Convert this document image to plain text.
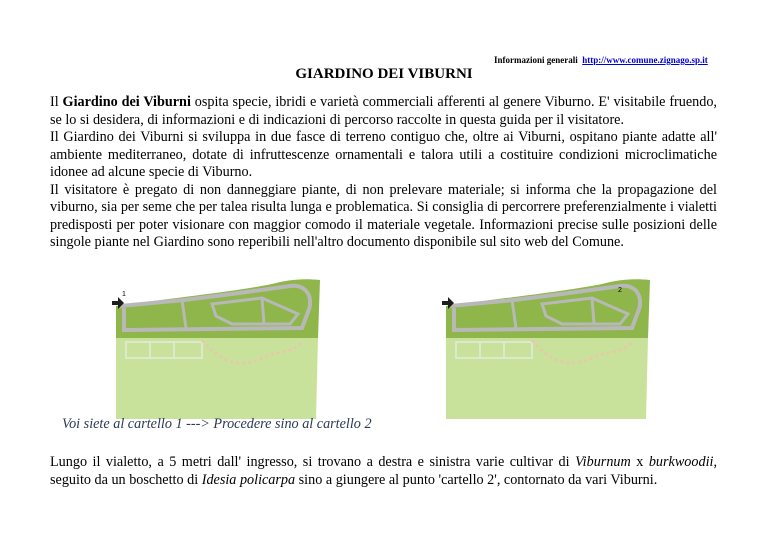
Informazioni generali http://www.comune.zignago.sp.it
GIARDINO DEI VIBURNI

Il Giardino dei Viburni ospita specie, ibridi e varietà commerciali afferenti al genere Viburno. E' visitabile fruendo, se lo si desidera, di informazioni e di indicazioni di percorso raccolte in questa guida per il visitatore.

Il Giardino dei Viburni si sviluppa in due fasce di terreno contiguo che, oltre ai Viburni, ospitano piante adatte all' ambiente mediterraneo, dotate di infruttescenze ornamentali e talora utili a costituire condizioni microclimatiche idonee ad alcune specie di Viburno.

Il visitatore è pregato di non danneggiare piante, di non prelevare materiale; si informa che la propagazione del viburno, sia per seme che per talea risulta lunga e problematica. Si consiglia di percorrere preferenzialmente i vialetti predisposti per poter visionare con maggior comodo il materiale vegetale. Informazioni precise sulle posizioni delle singole piante nel Giardino sono reperibili nell'altro documento disponibile sul sito web del Comune.

1
2
Voi siete al cartello 1 ---> Procedere sino al cartello 2
Lungo il vialetto, a 5 metri dall' ingresso, si trovano a destra e sinistra varie cultivar di Viburnum x burkwoodii, seguito da un boschetto di Idesia policarpa sino a giungere al punto 'cartello 2', contornato da vari Viburni.
